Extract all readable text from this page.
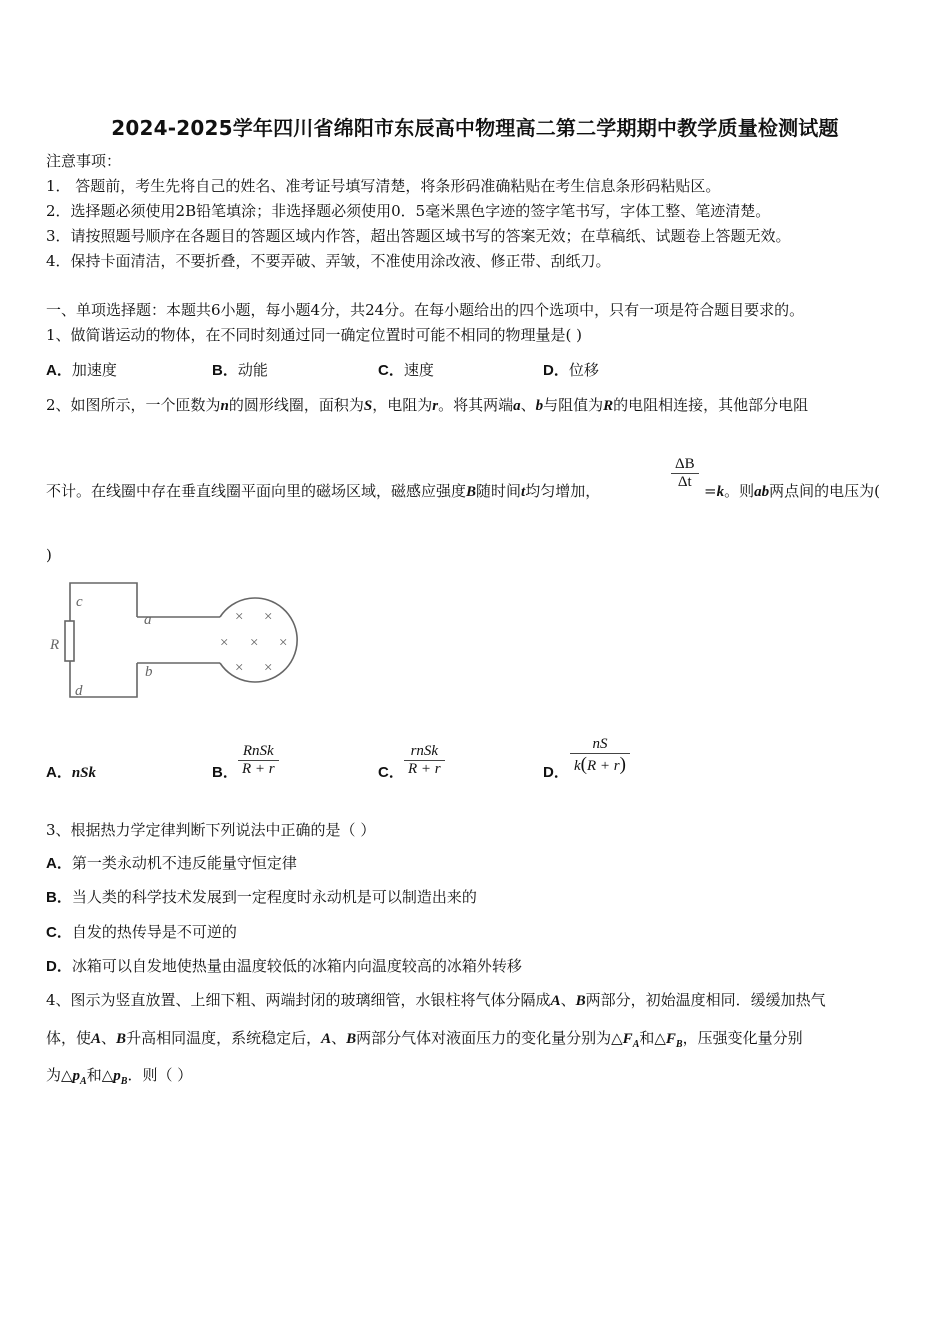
2024-2025学年四川省绵阳市东辰高中物理高二第二学期期中教学质量检测试题
注意事项：
1． 答题前，考生先将自己的姓名、准考证号填写清楚，将条形码准确粘贴在考生信息条形码粘贴区。
2．选择题必须使用2B铅笔填涂；非选择题必须使用0．5毫米黑色字迹的签字笔书写，字体工整、笔迹清楚。
3．请按照题号顺序在各题目的答题区域内作答，超出答题区域书写的答案无效；在草稿纸、试题卷上答题无效。
4．保持卡面清洁，不要折叠，不要弄破、弄皱，不准使用涂改液、修正带、刮纸刀。
一、单项选择题：本题共6小题，每小题4分，共24分。在每小题给出的四个选项中，只有一项是符合题目要求的。
1、做简谐运动的物体，在不同时刻通过同一确定位置时可能不相同的物理量是( )
A．加速度	B．动能	C．速度	D．位移
2、如图所示，一个匝数为n的圆形线圈，面积为S，电阻为r。将其两端a、b与阻值为R的电阻相连接，其他部分电阻
不计。在线圈中存在垂直线圈平面向里的磁场区域，磁感应强度B随时间t均匀增加，
ΔB
Δt =k。则ab两点间的电压为(
)
c
a
R
b
d
× ×
× × ×
× ×
A．nSk	B．
RnSk
R + r	C．
rnSk
R + r	D．
nS
k(R + r)
3、根据热力学定律判断下列说法中正确的是（ ）
A．第一类永动机不违反能量守恒定律
B．当人类的科学技术发展到一定程度时永动机是可以制造出来的
C．自发的热传导是不可逆的
D．冰箱可以自发地使热量由温度较低的冰箱内向温度较高的冰箱外转移
4、图示为竖直放置、上细下粗、两端封闭的玻璃细管，水银柱将气体分隔成A、B两部分，初始温度相同．缓缓加热气
体，使A、B升高相同温度，系统稳定后，A、B两部分气体对液面压力的变化量分别为$\triangle F_A$和$\triangle F_B$，压强变化量分别
为$\triangle p_A$和$\triangle p_B$．则（ ）
